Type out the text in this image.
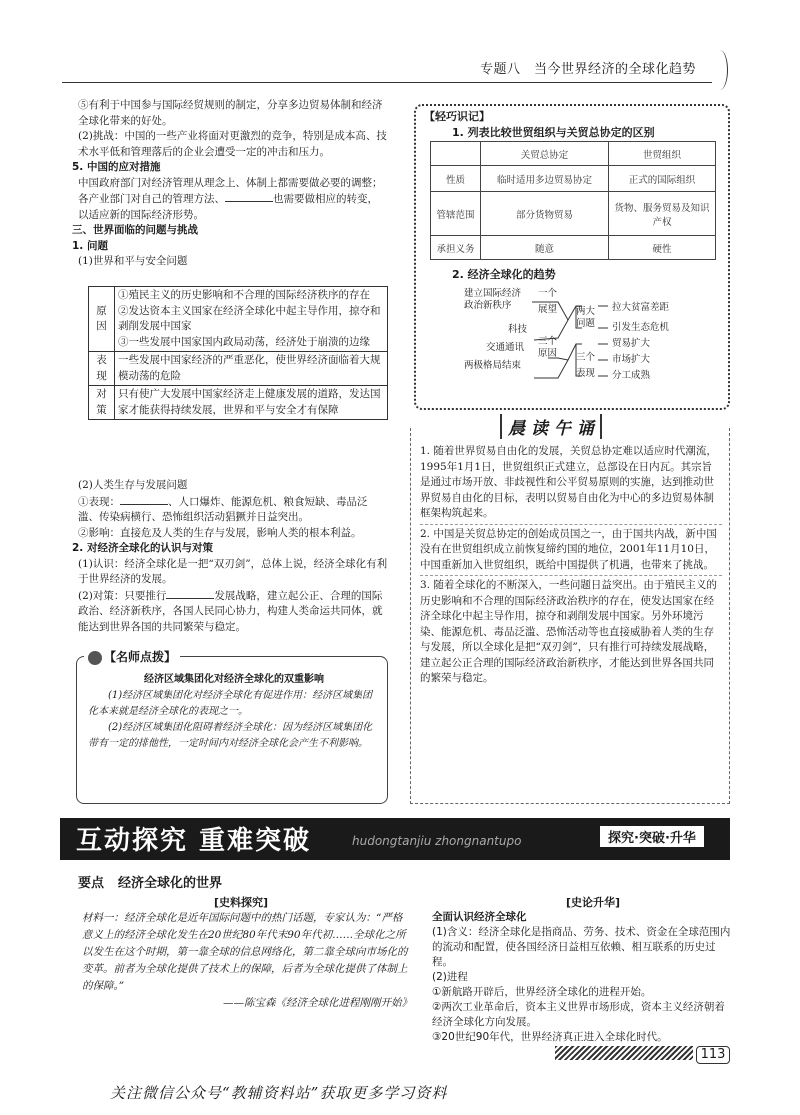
专题八　当今世界经济的全球化趋势
⑤有利于中国参与国际经贸规则的制定，分享多边贸易体制和经济全球化带来的好处。
(2)挑战：中国的一些产业将面对更激烈的竞争，特别是成本高、技术水平低和管理落后的企业会遭受一定的冲击和压力。
5. 中国的应对措施
中国政府部门对经济管理从理念上、体制上都需要做必要的调整；各产业部门对自己的管理方法、	也需要做相应的转变，以适应新的国际经济形势。
三、世界面临的问题与挑战
1. 问题
(1)世界和平与安全问题
原因	①殖民主义的历史影响和不合理的国际经济秩序的存在
②发达资本主义国家在经济全球化中起主导作用，掠夺和剥削发展中国家
③一些发展中国家国内政局动荡，经济处于崩溃的边缘

表现	一些发展中国家经济的严重恶化，使世界经济面临着大规模动荡的危险
对策	只有使广大发展中国家经济走上健康发展的道路，发达国家才能获得持续发展，世界和平与安全才有保障
(2)人类生存与发展问题
①表现：	、人口爆炸、能源危机、粮食短缺、毒品泛滥、传染病横行、恐怖组织活动猖獗并日益突出。
②影响：直接危及人类的生存与发展，影响人类的根本利益。
2. 对经济全球化的认识与对策
(1)认识：经济全球化是一把“双刃剑”，总体上说，经济全球化有利于世界经济的发展。
(2)对策：只要推行	发展战略，建立起公正、合理的国际政治、经济新秩序，各国人民同心协力，构建人类命运共同体，就能达到世界各国的共同繁荣与稳定。
【名师点拨】
经济区域集团化对经济全球化的双重影响
(1)经济区域集团化对经济全球化有促进作用：经济区域集团化本来就是经济全球化的表现之一。
(2)经济区域集团化阻碍着经济全球化：因为经济区域集团化带有一定的排他性，一定时间内对经济全球化会产生不利影响。
【轻巧识记】
1. 列表比较世贸组织与关贸总协定的区别
	关贸总协定	世贸组织
性质	临时适用多边贸易协定	正式的国际组织
管辖范围	部分货物贸易	货物、服务贸易及知识产权
承担义务	随意	硬性
2. 经济全球化的趋势
建立国际经济
政治新秩序
一个
展望 两大
问题
拉大贫富差距
引发生态危机
科技
交通通讯
两极格局结束
三个
原因 三个
表现
贸易扩大
市场扩大
分工成熟
晨 读 午 诵
1. 随着世界贸易自由化的发展，关贸总协定难以适应时代潮流，1995年1月1日，世贸组织正式建立，总部设在日内瓦。其宗旨是通过市场开放、非歧视性和公平贸易原则的实施，达到推动世界贸易自由化的目标，表明以贸易自由化为中心的多边贸易体制框架构筑起来。
2. 中国是关贸总协定的创始成员国之一，由于国共内战，新中国没有在世贸组织成立前恢复缔约国的地位，2001年11月10日，中国重新加入世贸组织，既给中国提供了机遇，也带来了挑战。
3. 随着全球化的不断深入，一些问题日益突出。由于殖民主义的历史影响和不合理的国际经济政治秩序的存在，使发达国家在经济全球化中起主导作用，掠夺和剥削发展中国家。另外环境污染、能源危机、毒品泛滥、恐怖活动等也直接威胁着人类的生存与发展，所以全球化是把“双刃剑”，只有推行可持续发展战略，建立起公正合理的国际经济政治新秩序，才能达到世界各国共同的繁荣与稳定。
互动探究 重难突破	hudongtanjiu zhongnantupo	探究·突破·升华
要点 经济全球化的世界
[史料探究]
材料一：经济全球化是近年国际问题中的热门话题，专家认为：“严格意义上的经济全球化发生在20世纪80年代末90年代初……全球化之所以发生在这个时期，第一靠全球的信息网络化，第二靠全球向市场化的变革。前者为全球化提供了技术上的保障，后者为全球化提供了体制上的保障。”
——陈宝森《经济全球化进程刚刚开始》
[史论升华]
全面认识经济全球化
(1)含义：经济全球化是指商品、劳务、技术、资金在全球范围内的流动和配置，使各国经济日益相互依赖、相互联系的历史过程。
(2)进程
①新航路开辟后，世界经济全球化的进程开始。
②两次工业革命后，资本主义世界市场形成，资本主义经济朝着经济全球化方向发展。
③20世纪90年代，世界经济真正进入全球化时代。
113
关注微信公众号“教辅资料站”获取更多学习资料
